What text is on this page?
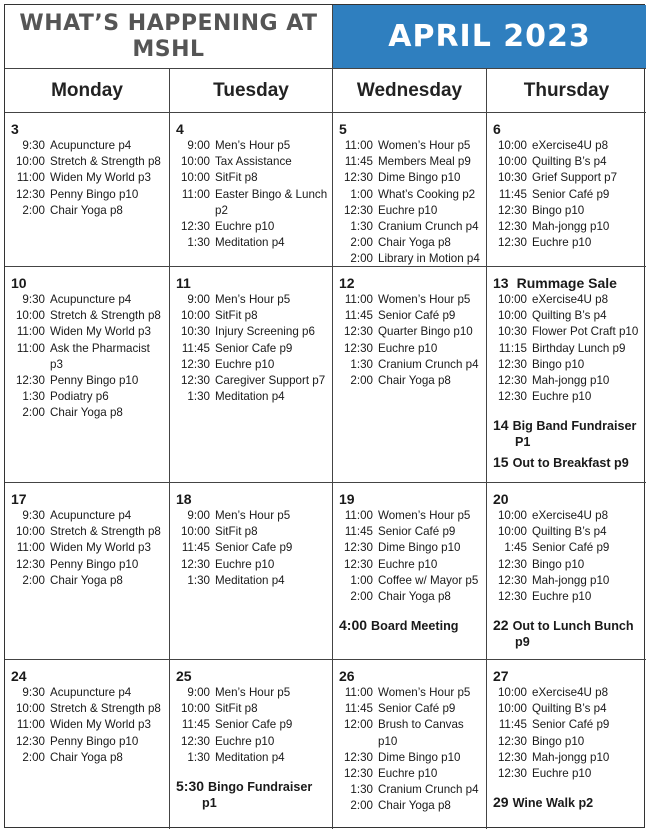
WHAT’S HAPPENING AT MSHL	APRIL 2023
Monday	Tuesday	Wednesday	Thursday
3
9:30 Acupuncture p4
10:00 Stretch & Strength p8
11:00 Widen My World p3
12:30 Penny Bingo p10
2:00 Chair Yoga p8
4
9:00 Men’s Hour p5
10:00 Tax Assistance
10:00 SitFit p8
11:00 Easter Bingo & Lunch p2
12:30 Euchre p10
1:30 Meditation p4
5
11:00 Women’s Hour p5
11:45 Members Meal p9
12:30 Dime Bingo p10
1:00 What’s Cooking p2
12:30 Euchre p10
1:30 Cranium Crunch p4
2:00 Chair Yoga p8
2:00 Library in Motion p4
6
10:00 eXercise4U p8
10:00 Quilting B’s p4
10:30 Grief Support p7
11:45 Senior Café p9
12:30 Bingo p10
12:30 Mah-jongg p10
12:30 Euchre p10
10
9:30 Acupuncture p4
10:00 Stretch & Strength p8
11:00 Widen My World p3
11:00 Ask the Pharmacist p3
12:30 Penny Bingo p10
1:30 Podiatry p6
2:00 Chair Yoga p8
11
9:00 Men’s Hour p5
10:00 SitFit p8
10:30 Injury Screening p6
11:45 Senior Cafe p9
12:30 Euchre p10
12:30 Caregiver Support p7
1:30 Meditation p4
12
11:00 Women’s Hour p5
11:45 Senior Café p9
12:30 Quarter Bingo p10
12:30 Euchre p10
1:30 Cranium Crunch p4
2:00 Chair Yoga p8
13 Rummage Sale
10:00 eXercise4U p8
10:00 Quilting B’s p4
10:30 Flower Pot Craft p10
11:15 Birthday Lunch p9
12:30 Bingo p10
12:30 Mah-jongg p10
12:30 Euchre p10
14 Big Band Fundraiser P1
15 Out to Breakfast p9
17
9:30 Acupuncture p4
10:00 Stretch & Strength p8
11:00 Widen My World p3
12:30 Penny Bingo p10
2:00 Chair Yoga p8
18
9:00 Men’s Hour p5
10:00 SitFit p8
11:45 Senior Cafe p9
12:30 Euchre p10
1:30 Meditation p4
19
11:00 Women’s Hour p5
11:45 Senior Café p9
12:30 Dime Bingo p10
12:30 Euchre p10
1:00 Coffee w/ Mayor p5
2:00 Chair Yoga p8
4:00 Board Meeting
20
10:00 eXercise4U p8
10:00 Quilting B’s p4
1:45 Senior Café p9
12:30 Bingo p10
12:30 Mah-jongg p10
12:30 Euchre p10
22 Out to Lunch Bunch p9
24
9:30 Acupuncture p4
10:00 Stretch & Strength p8
11:00 Widen My World p3
12:30 Penny Bingo p10
2:00 Chair Yoga p8
25
9:00 Men’s Hour p5
10:00 SitFit p8
11:45 Senior Cafe p9
12:30 Euchre p10
1:30 Meditation p4
5:30 Bingo Fundraiser p1
26
11:00 Women’s Hour p5
11:45 Senior Café p9
12:00 Brush to Canvas p10
12:30 Dime Bingo p10
12:30 Euchre p10
1:30 Cranium Crunch p4
2:00 Chair Yoga p8
27
10:00 eXercise4U p8
10:00 Quilting B’s p4
11:45 Senior Café p9
12:30 Bingo p10
12:30 Mah-jongg p10
12:30 Euchre p10
29 Wine Walk p2
